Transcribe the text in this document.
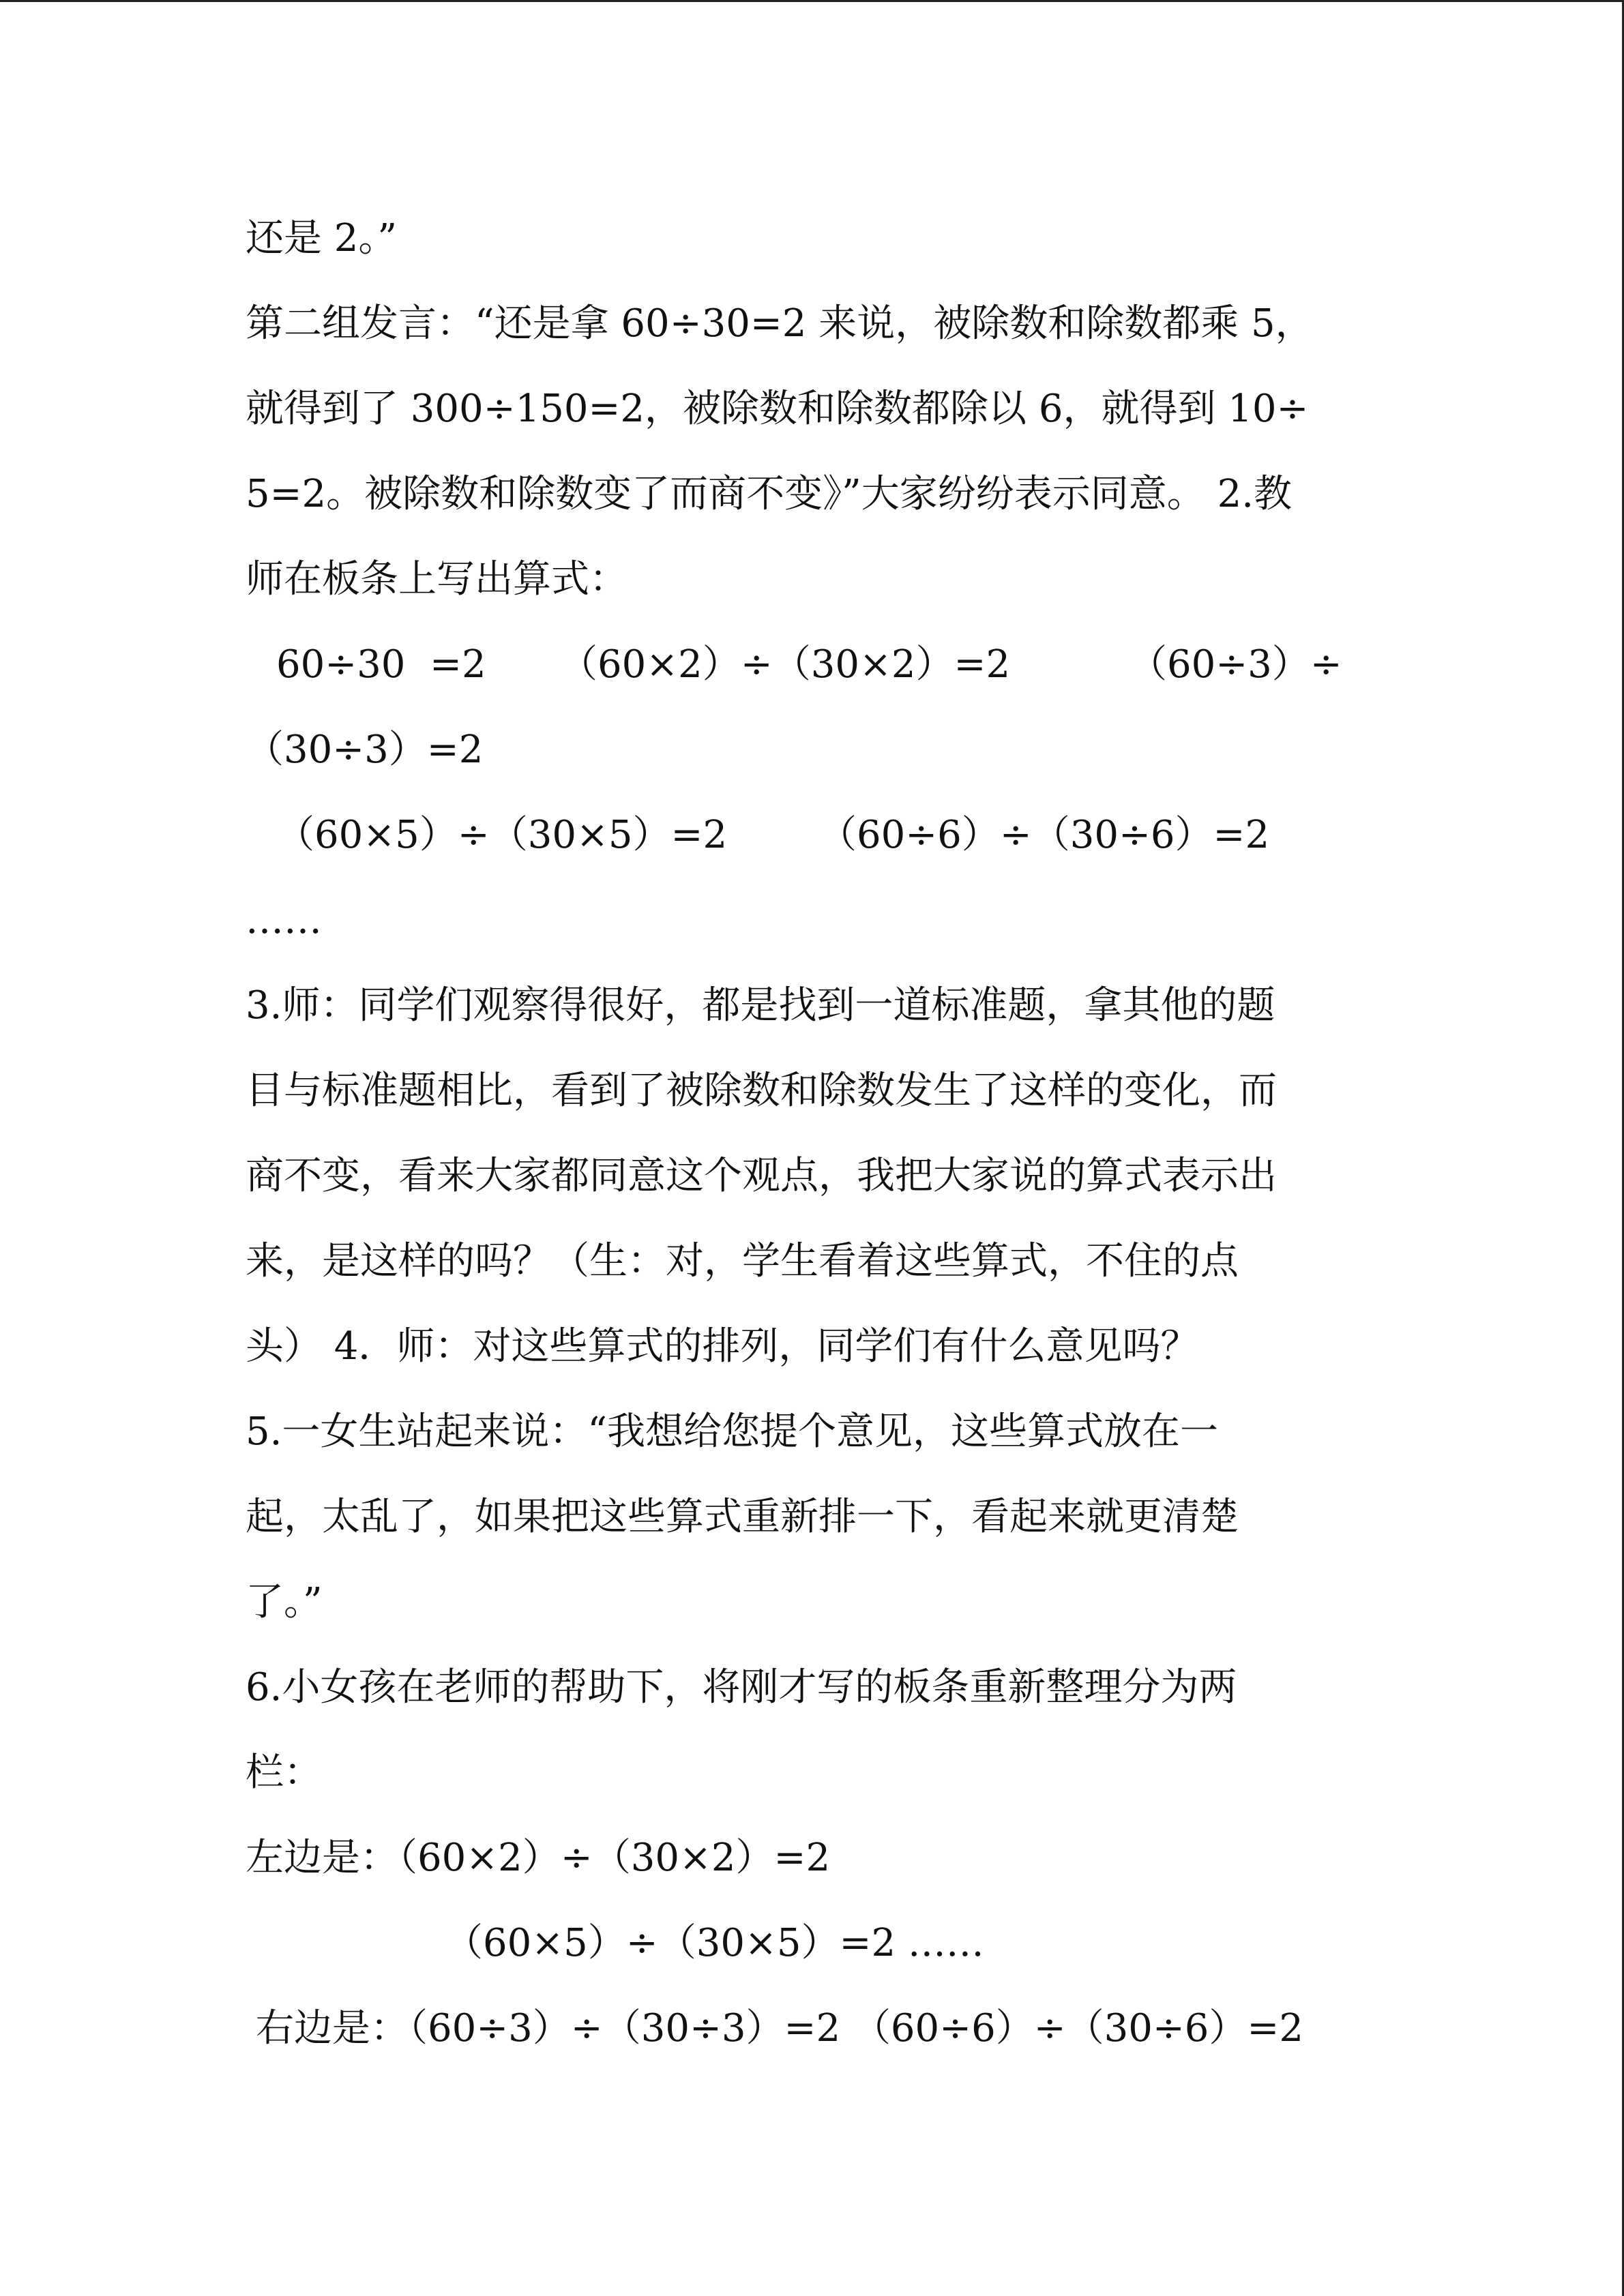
还是 2。”

第二组发言：“还是拿 60÷30=2 来说，被除数和除数都乘 5，

就得到了 300÷150=2，被除数和除数都除以 6，就得到 10÷

5=2。被除数和除数变了而商不变》”大家纷纷表示同意。 2.教

师在板条上写出算式：

60÷30  =2 （60×2）÷（30×2）=2	（60÷3）÷

（30÷3）=2

（60×5）÷（30×5）=2 （60÷6）÷（30÷6）=2

……

3.师：同学们观察得很好，都是找到一道标准题，拿其他的题

目与标准题相比，看到了被除数和除数发生了这样的变化，而

商不变，看来大家都同意这个观点，我把大家说的算式表示出

来，是这样的吗？（生：对，学生看着这些算式，不住的点

头） 4．师：对这些算式的排列，同学们有什么意见吗？

5.一女生站起来说：“我想给您提个意见，这些算式放在一

起，太乱了，如果把这些算式重新排一下，看起来就更清楚

了。”

6.小女孩在老师的帮助下，将刚才写的板条重新整理分为两

栏：

左边是：（60×2）÷（30×2）=2

（60×5）÷（30×5）=2 ……

右边是：（60÷3）÷（30÷3）=2 （60÷6）÷（30÷6）=2
